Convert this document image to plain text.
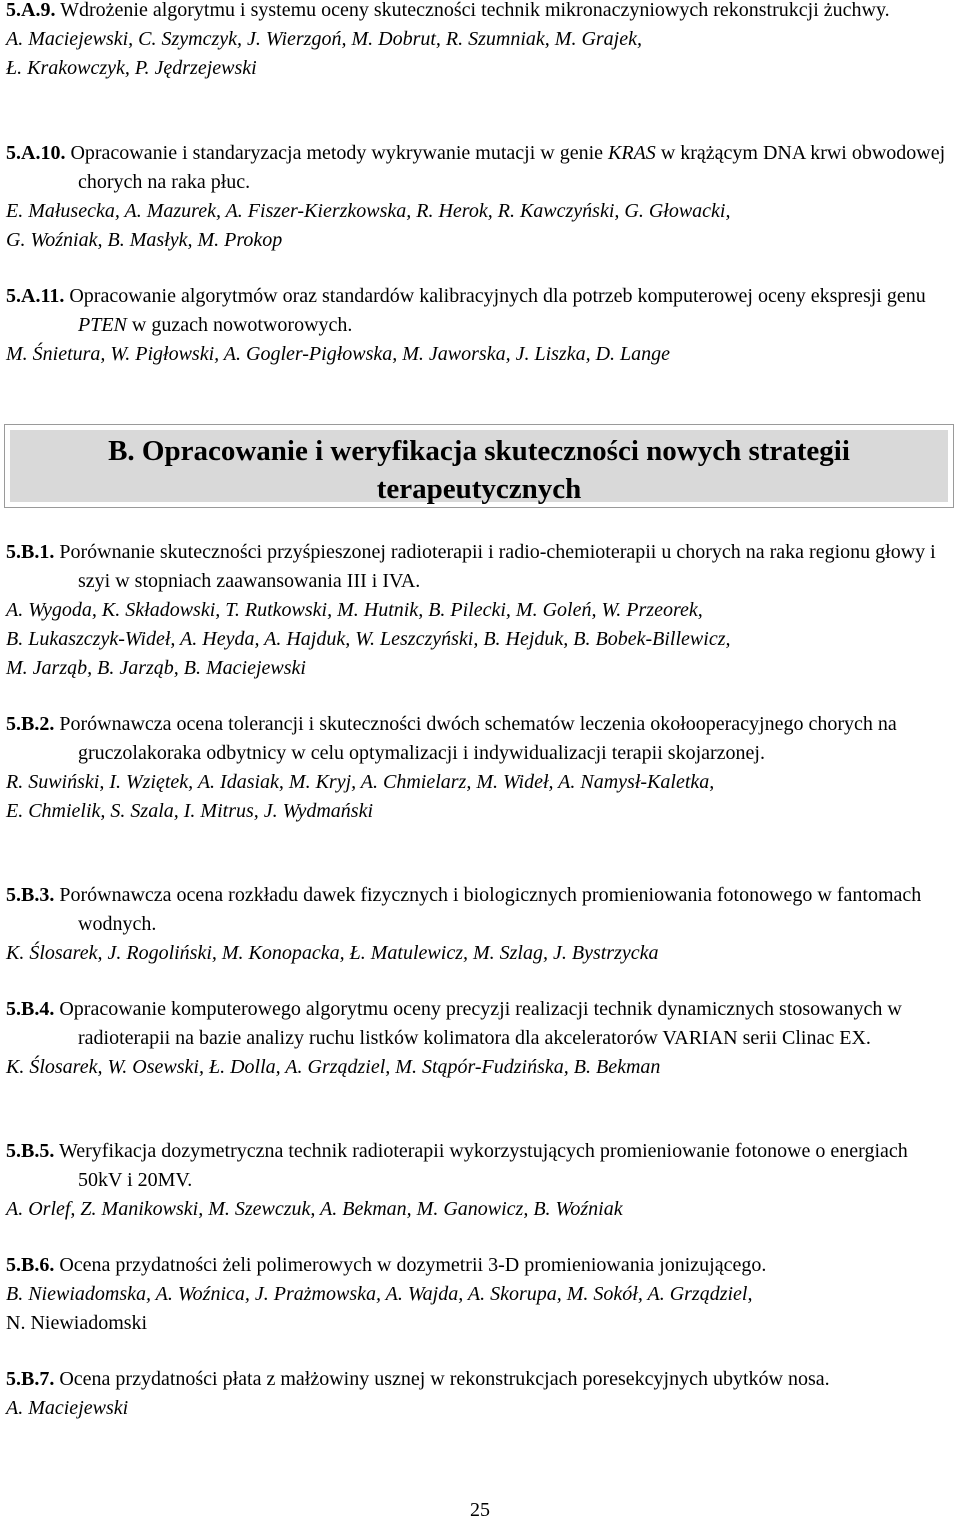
5.A.9. Wdrożenie algorytmu i systemu oceny skuteczności technik mikronaczyniowych rekonstrukcji żuchwy.
A. Maciejewski, C. Szymczyk, J. Wierzgoń, M. Dobrut, R. Szumniak, M. Grajek,
Ł. Krakowczyk, P. Jędrzejewski
5.A.10. Opracowanie i standaryzacja metody wykrywanie mutacji w genie KRAS w krążącym DNA krwi obwodowej chorych na raka płuc.
E. Małusecka, A. Mazurek, A. Fiszer-Kierzkowska, R. Herok, R. Kawczyński, G. Głowacki,
G. Woźniak, B. Masłyk, M. Prokop
5.A.11. Opracowanie algorytmów oraz standardów kalibracyjnych dla potrzeb komputerowej oceny ekspresji genu PTEN w guzach nowotworowych.
M. Śnietura, W. Pigłowski, A. Gogler-Pigłowska, M. Jaworska, J. Liszka, D. Lange
B. Opracowanie i weryfikacja skuteczności nowych strategii
terapeutycznych
5.B.1. Porównanie skuteczności przyśpieszonej radioterapii i radio-chemioterapii u chorych na raka regionu głowy i szyi w stopniach zaawansowania III i IVA.
A. Wygoda, K. Składowski, T. Rutkowski, M. Hutnik, B. Pilecki, M. Goleń, W. Przeorek,
B. Lukaszczyk-Wideł, A. Heyda, A. Hajduk, W. Leszczyński, B. Hejduk, B. Bobek-Billewicz,
M. Jarząb, B. Jarząb, B. Maciejewski
5.B.2. Porównawcza ocena tolerancji i skuteczności dwóch schematów leczenia okołooperacyjnego chorych na gruczolakoraka odbytnicy w celu optymalizacji i indywidualizacji terapii skojarzonej.
R. Suwiński, I. Wziętek, A. Idasiak, M. Kryj, A. Chmielarz, M. Wideł, A. Namysł-Kaletka,
E. Chmielik, S. Szala, I. Mitrus, J. Wydmański
5.B.3. Porównawcza ocena rozkładu dawek fizycznych i biologicznych promieniowania fotonowego w fantomach wodnych.
K. Ślosarek, J. Rogoliński, M. Konopacka, Ł. Matulewicz, M. Szlag, J. Bystrzycka
5.B.4. Opracowanie komputerowego algorytmu oceny precyzji realizacji technik dynamicznych stosowanych w radioterapii na bazie analizy ruchu listków kolimatora dla akceleratorów VARIAN serii Clinac EX.
K. Ślosarek, W. Osewski, Ł. Dolla, A. Grządziel, M. Stąpór-Fudzińska, B. Bekman
5.B.5. Weryfikacja dozymetryczna technik radioterapii wykorzystujących promieniowanie fotonowe o energiach 50kV i 20MV.
A. Orlef, Z. Manikowski, M. Szewczuk, A. Bekman, M. Ganowicz, B. Woźniak
5.B.6. Ocena przydatności żeli polimerowych w dozymetrii 3-D promieniowania jonizującego.
B. Niewiadomska, A. Woźnica, J. Prażmowska, A. Wajda, A. Skorupa, M. Sokół, A. Grządziel,
N. Niewiadomski
5.B.7. Ocena przydatności płata z małżowiny usznej w rekonstrukcjach poresekcyjnych ubytków nosa.
A. Maciejewski
25
